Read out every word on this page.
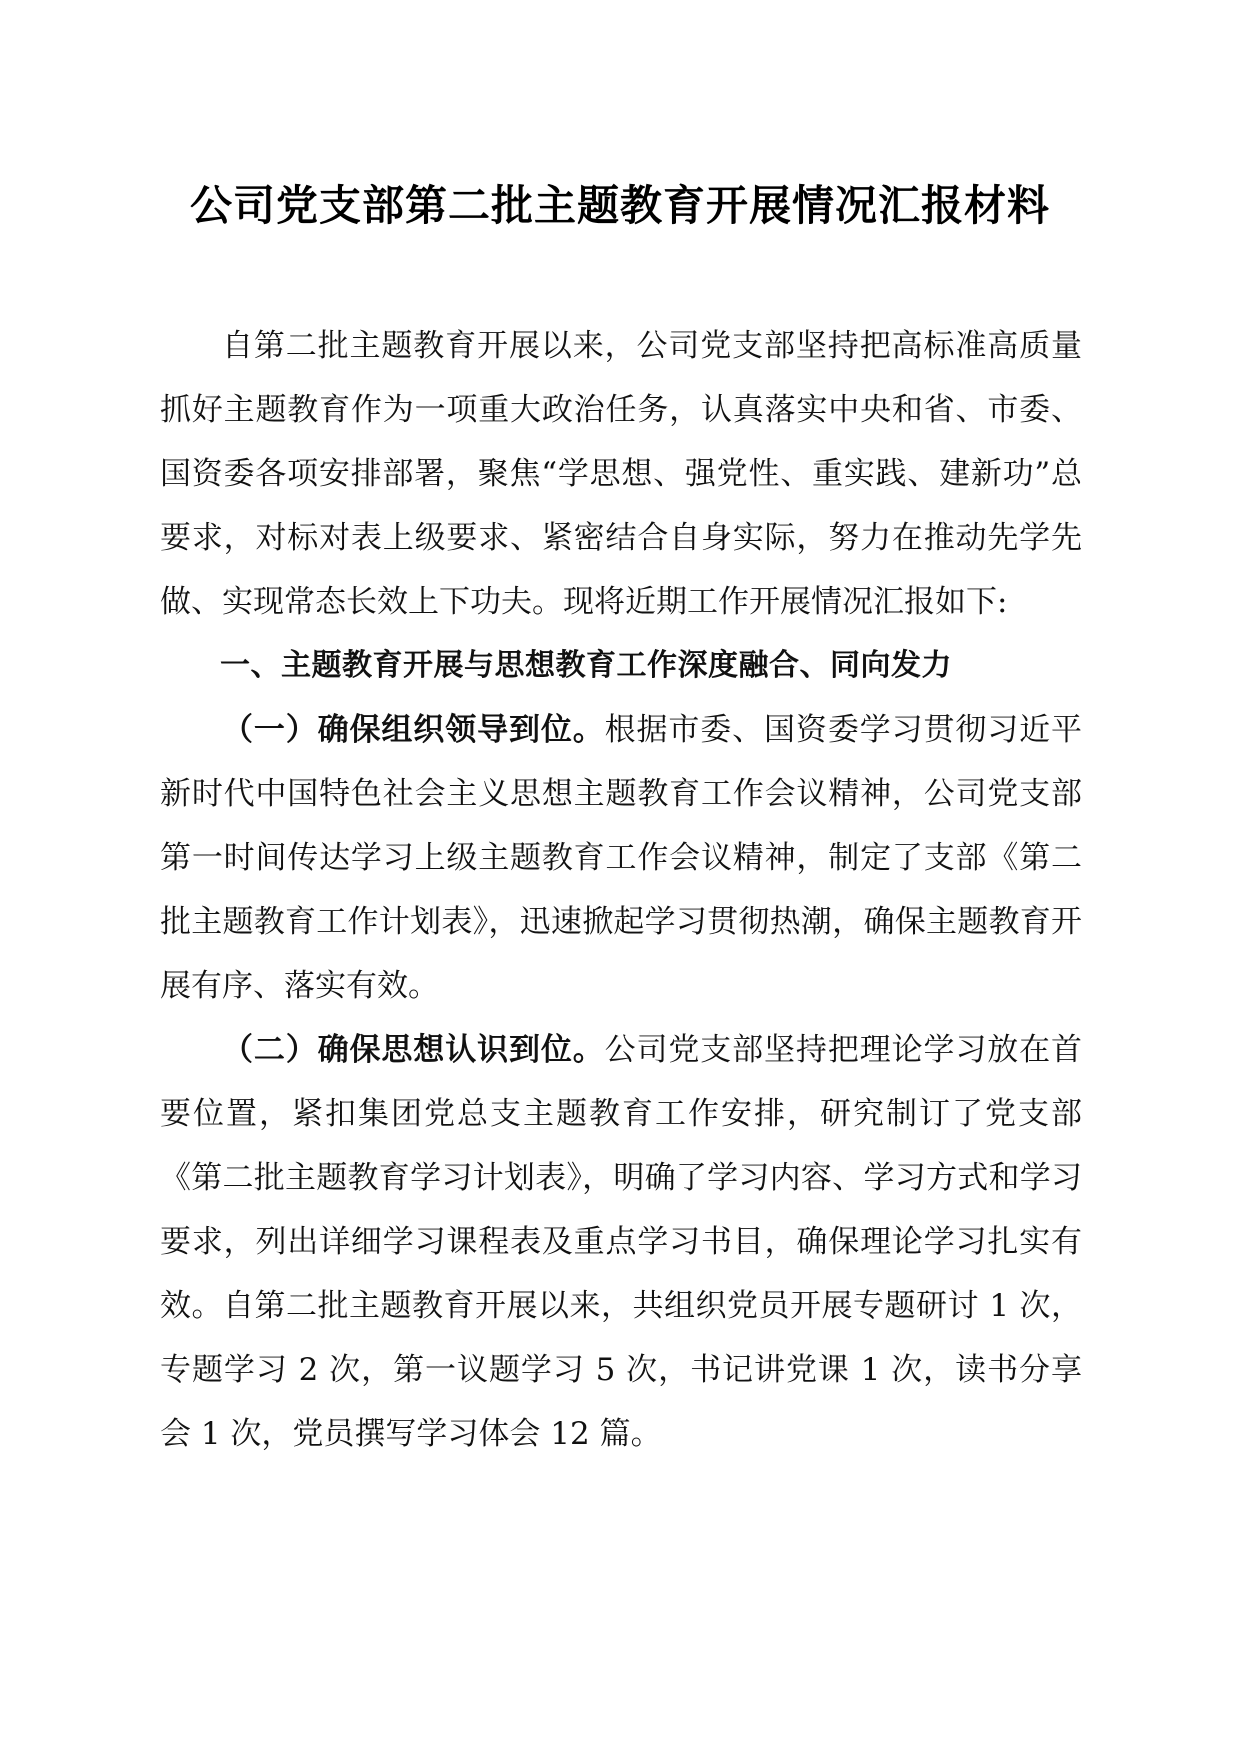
公司党支部第二批主题教育开展情况汇报材料

自第二批主题教育开展以来，公司党支部坚持把高标准高质量抓好主题教育作为一项重大政治任务，认真落实中央和省、市委、国资委各项安排部署，聚焦“学思想、强党性、重实践、建新功”总要求，对标对表上级要求、紧密结合自身实际，努力在推动先学先做、实现常态长效上下功夫。现将近期工作开展情况汇报如下:

一、主题教育开展与思想教育工作深度融合、同向发力

（一）确保组织领导到位。根据市委、国资委学习贯彻习近平新时代中国特色社会主义思想主题教育工作会议精神，公司党支部第一时间传达学习上级主题教育工作会议精神，制定了支部《第二批主题教育工作计划表》，迅速掀起学习贯彻热潮，确保主题教育开展有序、落实有效。

（二）确保思想认识到位。公司党支部坚持把理论学习放在首要位置，紧扣集团党总支主题教育工作安排，研究制订了党支部《第二批主题教育学习计划表》，明确了学习内容、学习方式和学习要求，列出详细学习课程表及重点学习书目，确保理论学习扎实有效。自第二批主题教育开展以来，共组织党员开展专题研讨 1 次，专题学习 2 次，第一议题学习 5 次，书记讲党课 1 次，读书分享会 1 次，党员撰写学习体会 12 篇。
